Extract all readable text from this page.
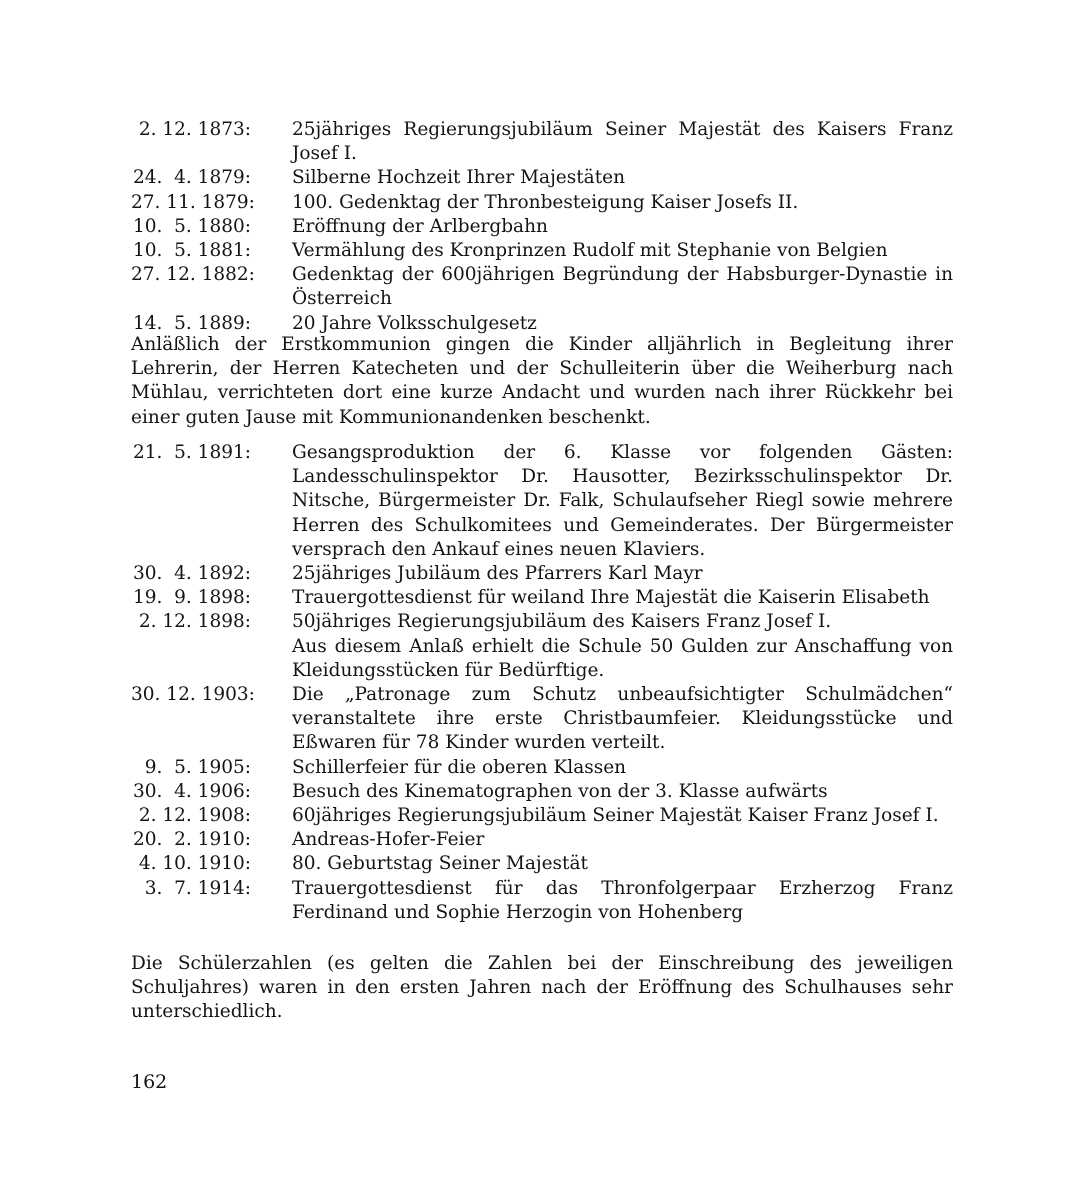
2. 12. 1873: 25jähriges Regierungsjubiläum Seiner Majestät des Kaisers Franz Josef I.
24.  4. 1879: Silberne Hochzeit Ihrer Majestäten
27. 11. 1879: 100. Gedenktag der Thronbesteigung Kaiser Josefs II.
10.  5. 1880: Eröffnung der Arlbergbahn
10.  5. 1881: Vermählung des Kronprinzen Rudolf mit Stephanie von Belgien
27. 12. 1882: Gedenktag der 600jährigen Begründung der Habsburger-Dynastie in Österreich
14.  5. 1889: 20 Jahre Volksschulgesetz

Anläßlich der Erstkommunion gingen die Kinder alljährlich in Begleitung ihrer Lehrerin, der Herren Katecheten und der Schulleiterin über die Weiherburg nach Mühlau, verrichteten dort eine kurze Andacht und wurden nach ihrer Rückkehr bei einer guten Jause mit Kommunionandenken beschenkt.

21.  5. 1891: Gesangsproduktion der 6. Klasse vor folgenden Gästen: Landesschulinspektor Dr. Hausotter, Bezirksschulinspektor Dr. Nitsche, Bürgermeister Dr. Falk, Schulaufseher Riegl sowie mehrere Herren des Schulkomitees und Gemeinderates. Der Bürgermeister versprach den Ankauf eines neuen Klaviers.
30.  4. 1892: 25jähriges Jubiläum des Pfarrers Karl Mayr
19.  9. 1898: Trauergottesdienst für weiland Ihre Majestät die Kaiserin Elisabeth
2. 12. 1898: 50jähriges Regierungsjubiläum des Kaisers Franz Josef I.
Aus diesem Anlaß erhielt die Schule 50 Gulden zur Anschaffung von Kleidungsstücken für Bedürftige.
30. 12. 1903: Die „Patronage zum Schutz unbeaufsichtigter Schulmädchen“ veranstaltete ihre erste Christbaumfeier. Kleidungsstücke und Eßwaren für 78 Kinder wurden verteilt.
9.  5. 1905: Schillerfeier für die oberen Klassen
30.  4. 1906: Besuch des Kinematographen von der 3. Klasse aufwärts
2. 12. 1908: 60jähriges Regierungsjubiläum Seiner Majestät Kaiser Franz Josef I.
20.  2. 1910: Andreas-Hofer-Feier
4. 10. 1910: 80. Geburtstag Seiner Majestät
3.  7. 1914: Trauergottesdienst für das Thronfolgerpaar Erzherzog Franz Ferdinand und Sophie Herzogin von Hohenberg

Die Schülerzahlen (es gelten die Zahlen bei der Einschreibung des jeweiligen Schuljahres) waren in den ersten Jahren nach der Eröffnung des Schulhauses sehr unterschiedlich.

162
